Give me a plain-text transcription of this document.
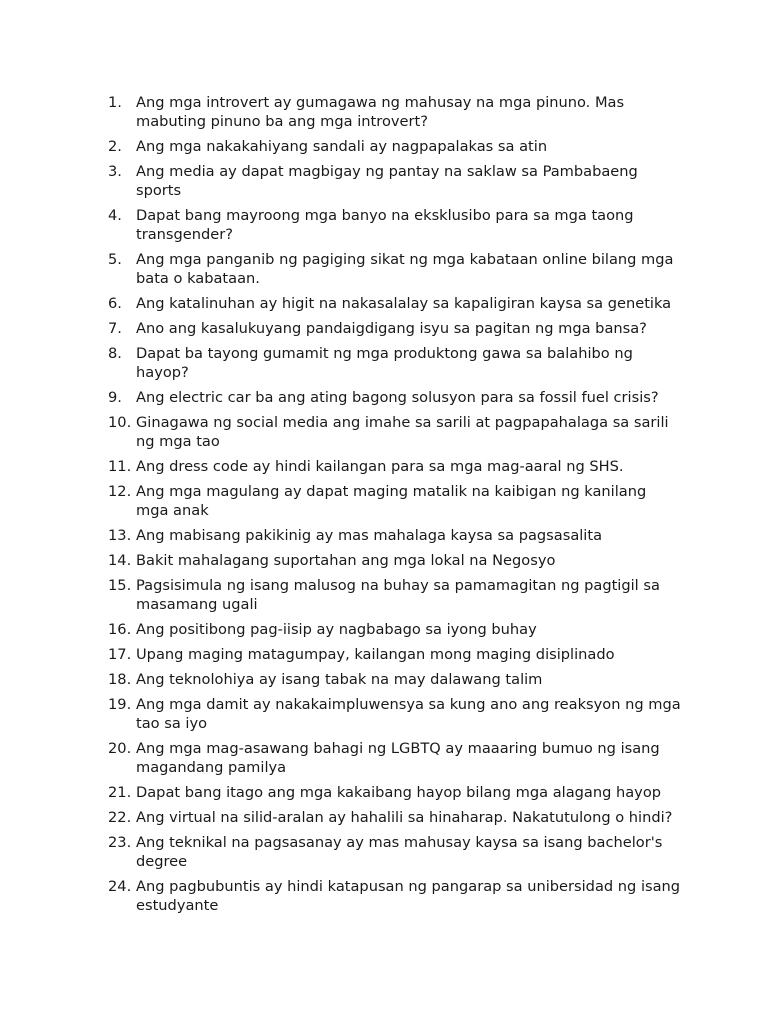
1. Ang mga introvert ay gumagawa ng mahusay na mga pinuno. Mas mabuting pinuno ba ang mga introvert?
2. Ang mga nakakahiyang sandali ay nagpapalakas sa atin
3. Ang media ay dapat magbigay ng pantay na saklaw sa Pambabaeng sports
4. Dapat bang mayroong mga banyo na eksklusibo para sa mga taong transgender?
5. Ang mga panganib ng pagiging sikat ng mga kabataan online bilang mga bata o kabataan.
6. Ang katalinuhan ay higit na nakasalalay sa kapaligiran kaysa sa genetika
7. Ano ang kasalukuyang pandaigdigang isyu sa pagitan ng mga bansa?
8. Dapat ba tayong gumamit ng mga produktong gawa sa balahibo ng hayop?
9. Ang electric car ba ang ating bagong solusyon para sa fossil fuel crisis?
10. Ginagawa ng social media ang imahe sa sarili at pagpapahalaga sa sarili ng mga tao
11. Ang dress code ay hindi kailangan para sa mga mag-aaral ng SHS.
12. Ang mga magulang ay dapat maging matalik na kaibigan ng kanilang mga anak
13. Ang mabisang pakikinig ay mas mahalaga kaysa sa pagsasalita
14. Bakit mahalagang suportahan ang mga lokal na Negosyo
15. Pagsisimula ng isang malusog na buhay sa pamamagitan ng pagtigil sa masamang ugali
16. Ang positibong pag-iisip ay nagbabago sa iyong buhay
17. Upang maging matagumpay, kailangan mong maging disiplinado
18. Ang teknolohiya ay isang tabak na may dalawang talim
19. Ang mga damit ay nakakaimpluwensya sa kung ano ang reaksyon ng mga tao sa iyo
20. Ang mga mag-asawang bahagi ng LGBTQ ay maaaring bumuo ng isang magandang pamilya
21. Dapat bang itago ang mga kakaibang hayop bilang mga alagang hayop
22. Ang virtual na silid-aralan ay hahalili sa hinaharap. Nakatutulong o hindi?
23. Ang teknikal na pagsasanay ay mas mahusay kaysa sa isang bachelor's degree
24. Ang pagbubuntis ay hindi katapusan ng pangarap sa unibersidad ng isang estudyante
